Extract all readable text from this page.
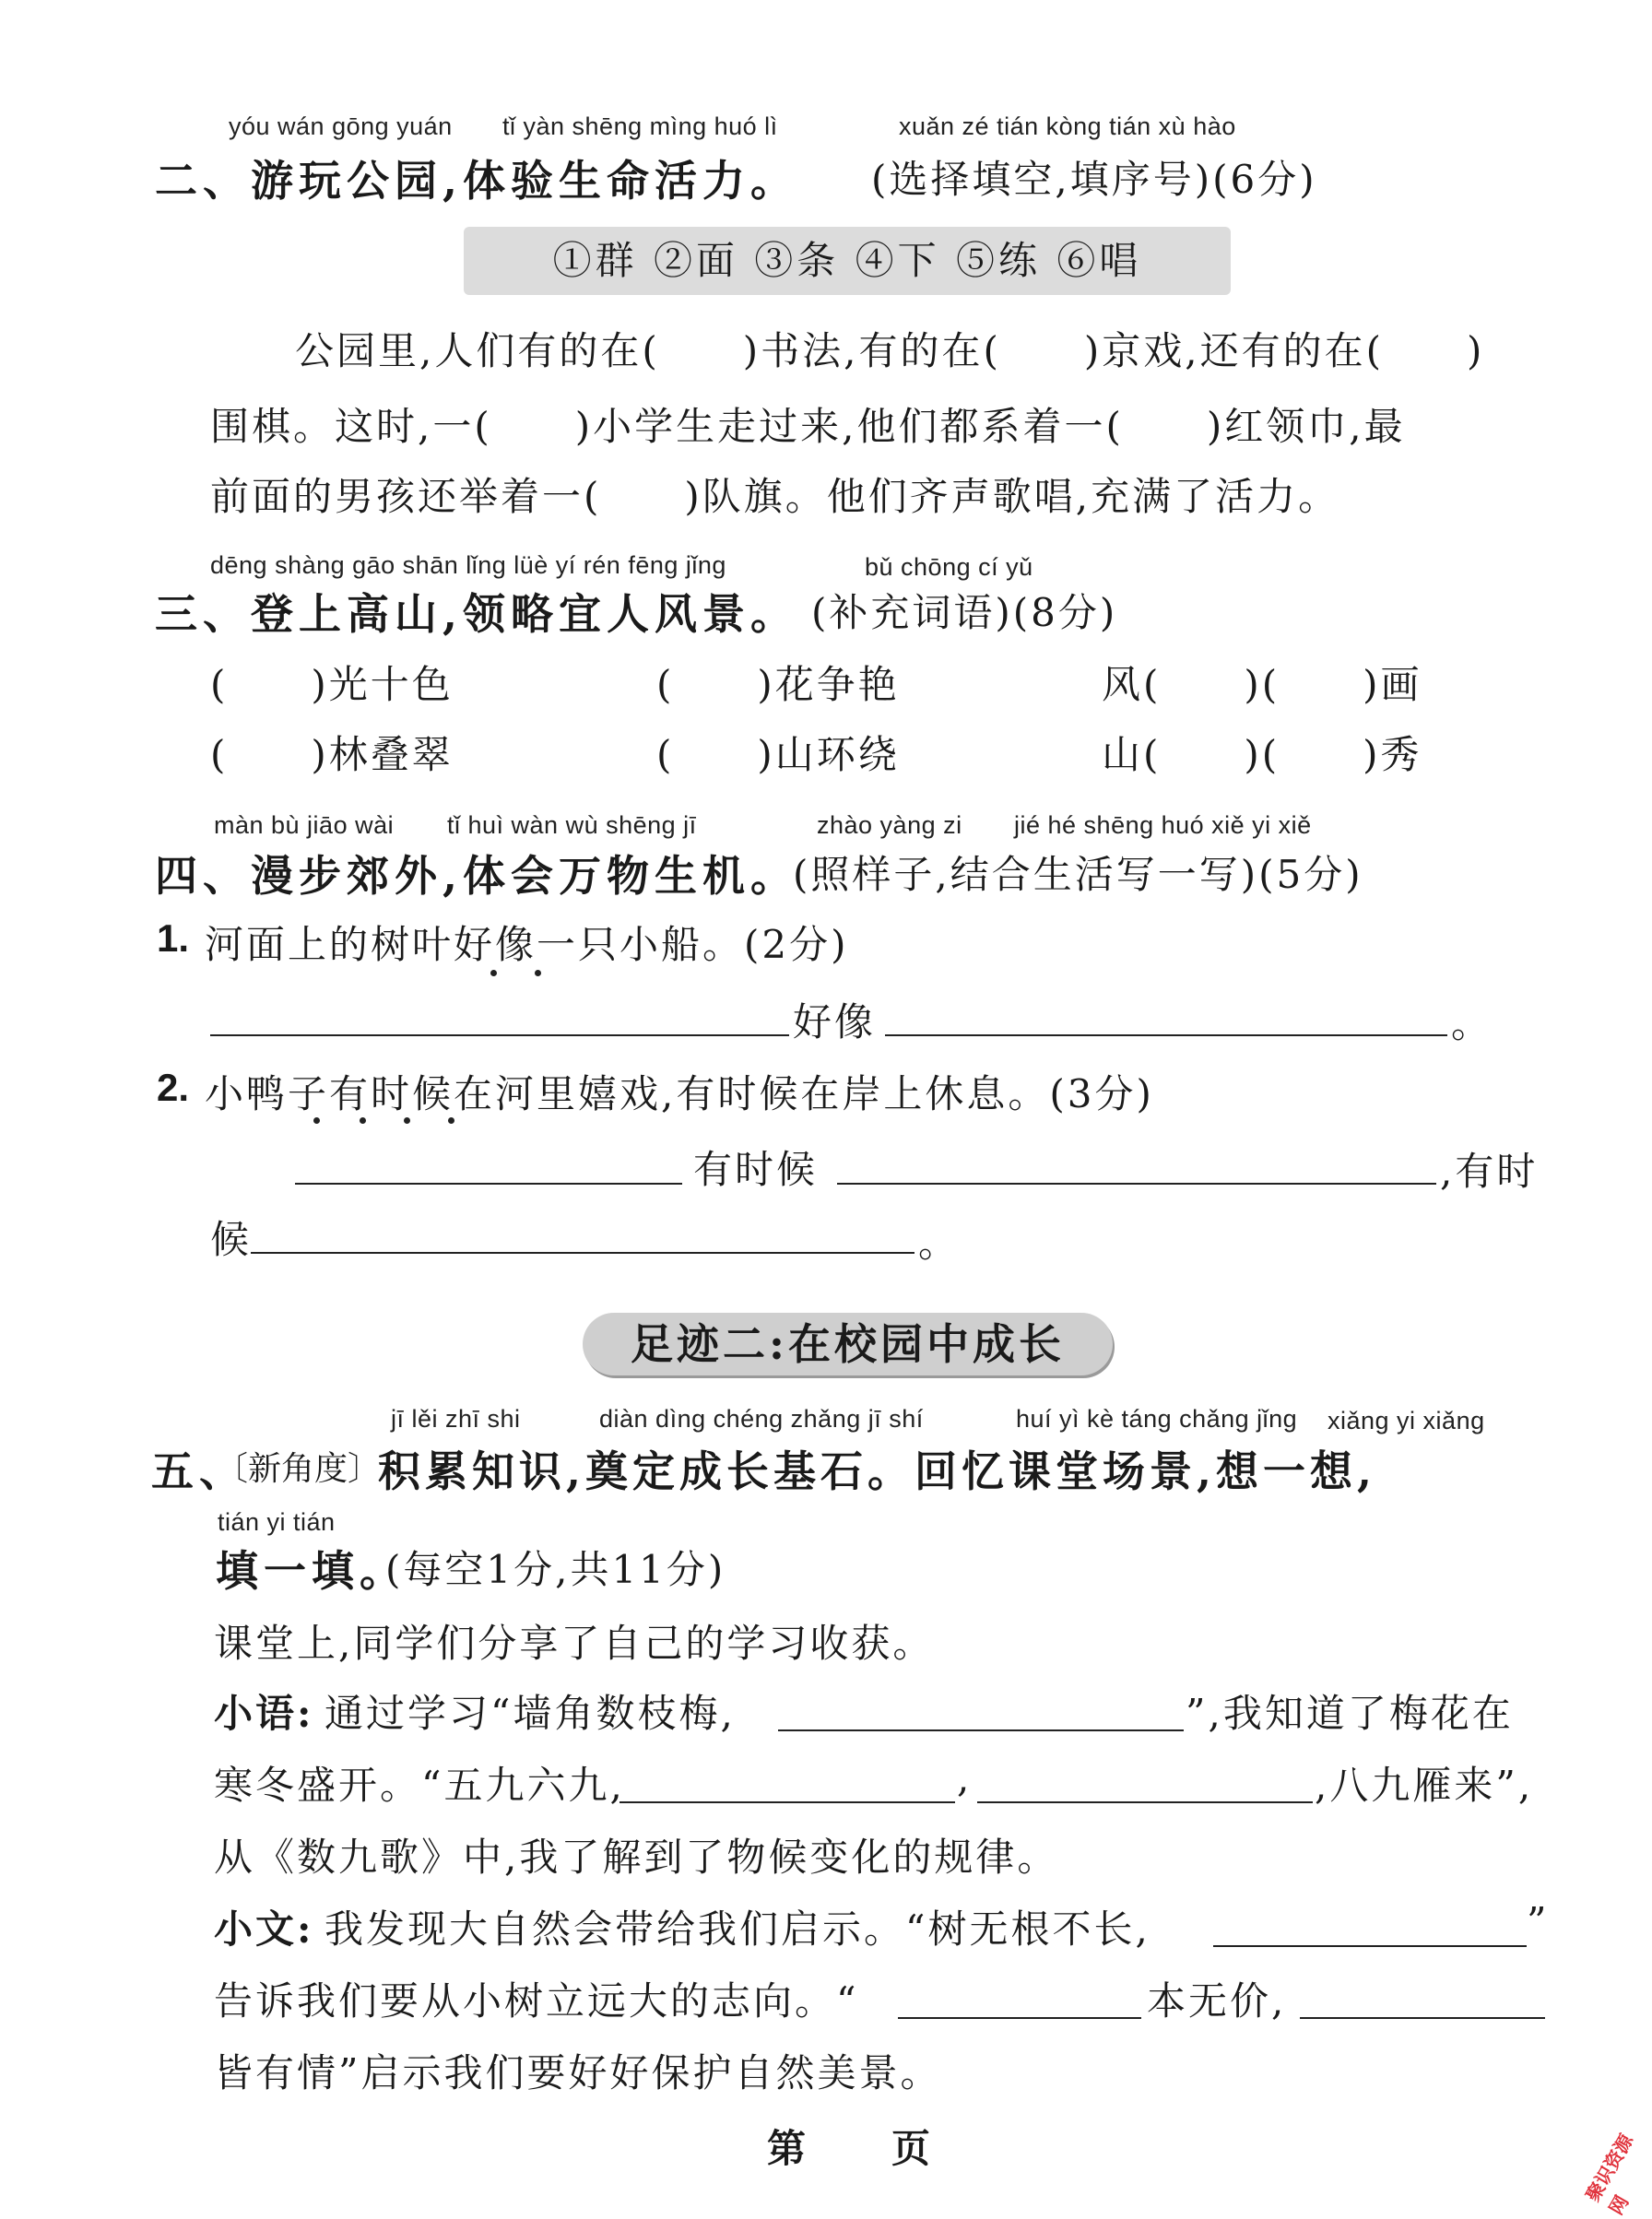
yóu wán gōng yuán tǐ yàn shēng mìng huó lì	xuǎn zé tián kòng tián xù hào
二、游玩公园,体验生命活力。 (选择填空,填序号)(6分)
①群 ②面 ③条 ④下 ⑤练 ⑥唱
公园里,人们有的在(　　)书法,有的在(　　)京戏,还有的在(　　)
围棋。这时,一(　　)小学生走过来,他们都系着一(　　)红领巾,最
前面的男孩还举着一(　　)队旗。他们齐声歌唱,充满了活力。
dēng shàng gāo shān lǐng lüè yí rén fēng jǐng	bǔ chōng cí yǔ
三、登上高山,领略宜人风景。 (补充词语)(8分)
(　　)光十色	(　　)花争艳	风(　　)(　　)画
(　　)林叠翠	(　　)山环绕	山(　　)(　　)秀
màn bù jiāo wài tǐ huì wàn wù shēng jī	zhào yàng zi jié hé shēng huó xiě yi xiě
四、漫步郊外,体会万物生机。
(照样子,结合生活写一写)(5分)
1. 河面上的树叶好像一只小船。(2分)
好像	。
2. 小鸭子有时候在河里嬉戏,有时候在岸上休息。(3分)
有时候	,有时
候	。
足迹二:在校园中成长
jī lěi zhī shi	diàn dìng chéng zhǎng jī shí	huí yì kè táng chǎng jǐng xiǎng yi xiǎng
五、
〔新角度〕
积累知识,奠定成长基石。回忆课堂场景,想一想,
tián yi tián
填一填。
(每空1分,共11分)
课堂上,同学们分享了自己的学习收获。
小语: 通过学习“墙角数枝梅,	”,我知道了梅花在
寒冬盛开。“五九六九,	,	,八九雁来”,
从《数九歌》中,我了解到了物候变化的规律。
小文: 我发现大自然会带给我们启示。“树无根不长,	”
告诉我们要从小树立远大的志向。“	本无价,
皆有情”启示我们要好好保护自然美景。
第　　页	聚识资源网
